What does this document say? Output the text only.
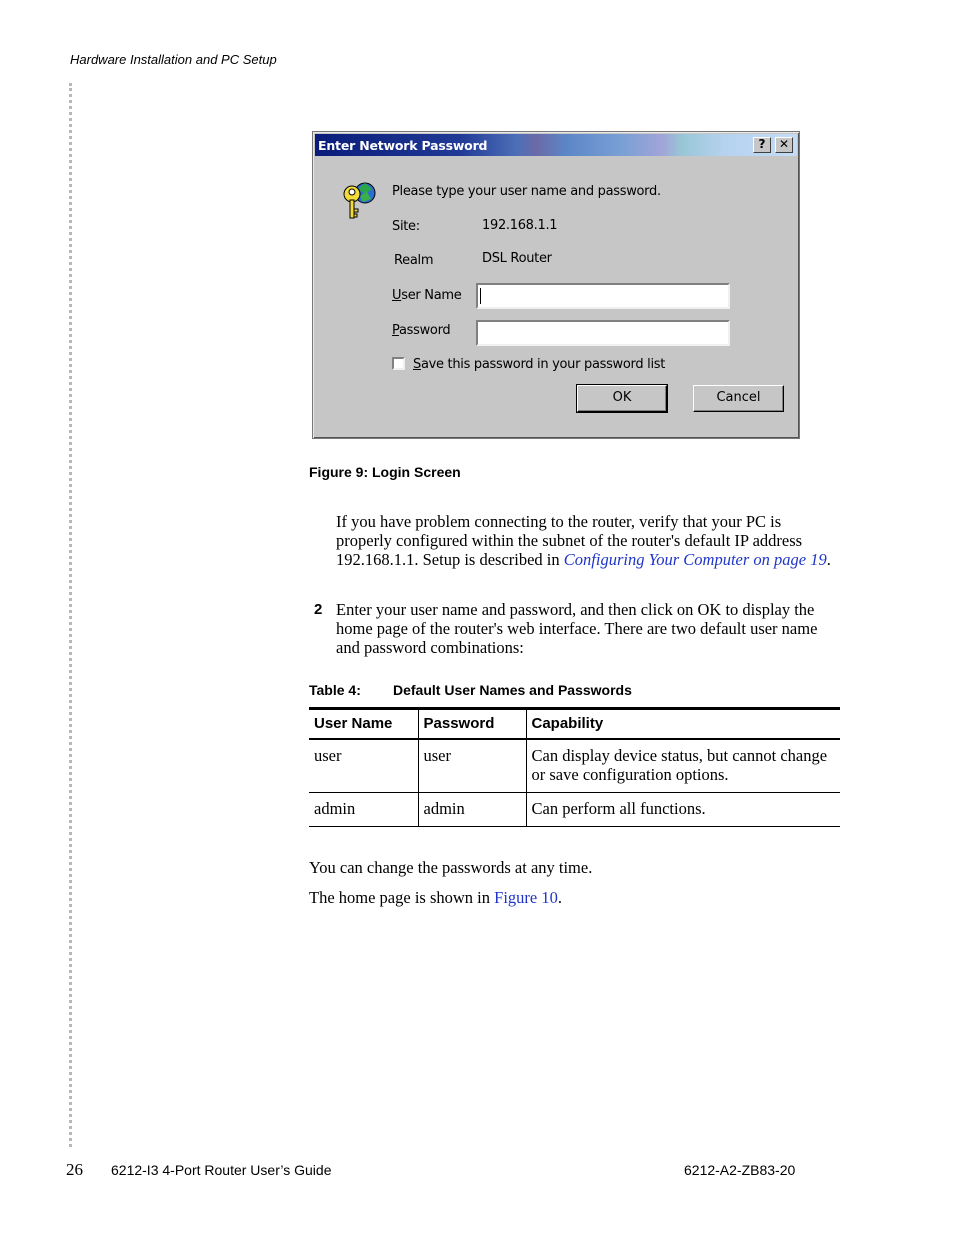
Hardware Installation and PC Setup
Enter Network Password	?	✕
Please type your user name and password.
Site:	192.168.1.1
Realm	DSL Router
User Name
Password
Save this password in your password list
OK	Cancel
Figure 9: Login Screen
If you have problem connecting to the router, verify that your PC is properly configured within the subnet of the router's default IP address 192.168.1.1. Setup is described in Configuring Your Computer on page 19.
2 Enter your user name and password, and then click on OK to display the home page of the router's web interface. There are two default user name and password combinations:
Table 4: Default User Names and Passwords
User Name	Password	Capability
user	user	Can display device status, but cannot change or save configuration options.
admin	admin	Can perform all functions.
You can change the passwords at any time.
The home page is shown in Figure 10.
26 6212-I3 4-Port Router User’s Guide	6212-A2-ZB83-20
